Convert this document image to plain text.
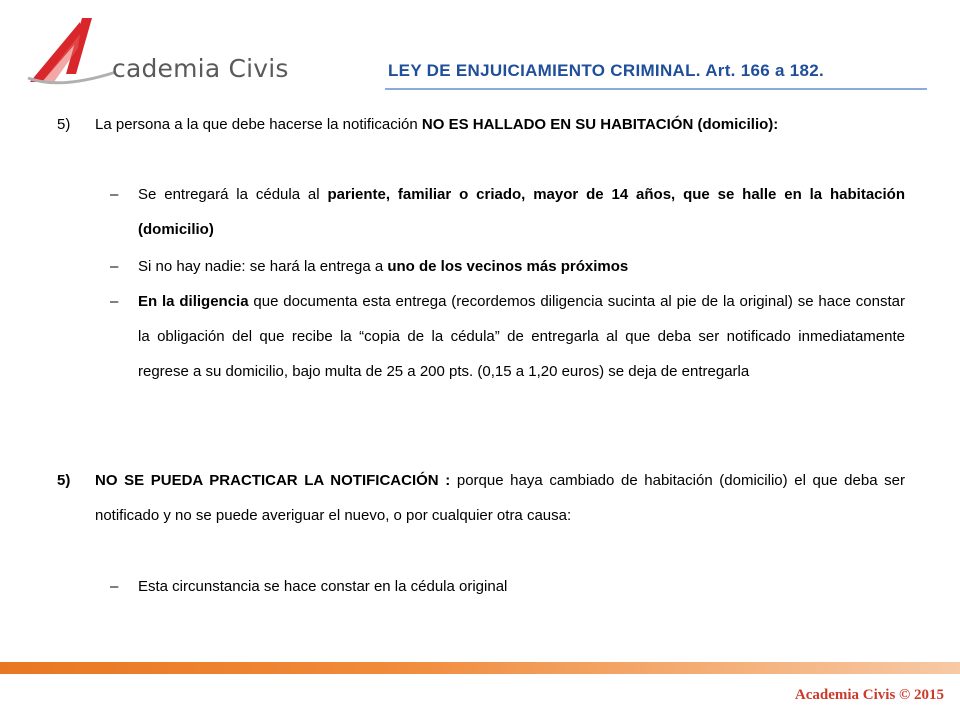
cademia Civis	LEY DE ENJUICIAMIENTO CRIMINAL. Art. 166 a 182.
5) La persona a la que debe hacerse la notificación NO ES HALLADO EN SU HABITACIÓN (domicilio):
– Se entregará la cédula al pariente, familiar o criado, mayor de 14 años, que se halle en la habitación (domicilio)
– Si no hay nadie: se hará la entrega a uno de los vecinos más próximos
– En la diligencia que documenta esta entrega (recordemos diligencia sucinta al pie de la original) se hace constar la obligación del que recibe la “copia de la cédula” de entregarla al que deba ser notificado inmediatamente regrese a su domicilio, bajo multa de 25 a 200 pts. (0,15 a 1,20 euros) se deja de entregarla
5) NO SE PUEDA PRACTICAR LA NOTIFICACIÓN : porque haya cambiado de habitación (domicilio) el que deba ser notificado y no se puede averiguar el nuevo, o por cualquier otra causa:
– Esta circunstancia se hace constar en la cédula original
Academia Civis © 2015
